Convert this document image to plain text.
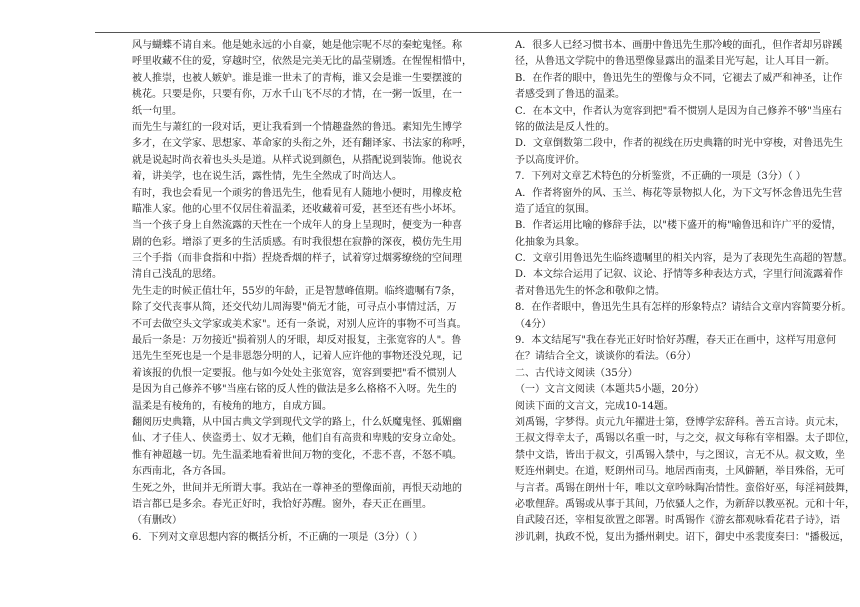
风与蝴蝶不请自来。他是她永远的小自豪，她是他宗呢不尽的秦蛇鬼怪。称
呼里收藏不住的爱，穿越时空，依然是完美无比的晶莹剔透。在惺惺相惜中，
被人推崇，也被人嫉妒。谁是谁一世未了的青梅，谁又会是谁一生要摆渡的
桃花。只要是你，只要有你，万水千山飞不尽的才情，在一粥一饭里，在一
纸一句里。
而先生与萧红的一段对话，更让我看到一个情趣盎然的鲁迅。素知先生博学
多才，在文学家、思想家、革命家的头衔之外，还有翻译家、书法家的称呼，
就是说起时尚衣着也头头是道。从样式说到颜色，从搭配说到装饰。他说衣
着，讲美学，也在说生活，露性情，先生全然成了时尚达人。
有时，我也会看见一个顽劣的鲁迅先生，他看见有人随地小便时，用橡皮枪
瞄准人家。他的心里不仅居住着温柔，还收藏着可爱，甚至还有些小坏坏。
当一个孩子身上自然流露的天性在一个成年人的身上呈现时，便变为一种喜
剧的色彩。增添了更多的生活质感。有时我很想在寂静的深夜，模仿先生用
三个手指（而非食指和中指）捏烧香烟的样子，试着穿过烟雾缭绕的空间理
清自己浅乱的思绪。
先生走的时候正值壮年，55岁的年龄，正是智慧峰值期。临终遗嘱有7条，
除了交代丧事从简，还交代幼儿周海婴"倘无才能，可寻点小事情过活，万
不可去做空头文学家或美术家"。还有一条说，对别人应许的事物不可当真。
最后一条是：万勿接近"损着别人的牙眼，却反对报复，主张宽容的人"。鲁
迅先生至死也是一个是非恩怨分明的人，记着人应许他的事物还没兑现，记
着该报的仇恨一定要报。他与如今处处主张宽容，宽容到要把"看不惯别人
是因为自己修养不够"当座右铭的反人性的做法是多么格格不入呀。先生的
温柔是有棱角的，有棱角的地方，自成方圆。
翻阅历史典籍，从中国古典文学到现代文学的路上，什么妖魔鬼怪、狐媚幽
仙、才子佳人、侠盗勇士、奴才无赖，他们自有高贵和卑贱的安身立命处。
惟有神超越一切。先生温柔地看着世间万物的变化，不悲不喜，不怒不嗔。
东西南北，各方各国。
生死之外，世间并无所谓大事。我站在一尊神圣的塑像面前，再恨天动地的
语言都已是多余。春光正好时，我恰好苏醒。窗外，春天正在画里。
（有删改）
6．下列对文章思想内容的概括分析，不正确的一项是（3分）（ ）
A．很多人已经习惯书本、画册中鲁迅先生那冷峻的面孔，但作者却另辟蹊
径，从鲁迅文学院中的鲁迅塑像显露出的温柔目光写起，让人耳目一新。
B．在作者的眼中，鲁迅先生的塑像与众不同，它褪去了威严和神圣，让作
者感受到了鲁迅的温柔。
C．在本文中，作者认为宽容到把"看不惯别人是因为自己修养不够"当座右
铭的做法是反人性的。
D．文章倒数第二段中，作者的视线在历史典籍的时光中穿梭，对鲁迅先生
予以高度评价。
7．下列对文章艺术特色的分析鉴赏，不正确的一项是（3分）（ ）
A．作者将窗外的风、玉兰、梅花等景物拟人化，为下文写怀念鲁迅先生营
造了适宜的氛围。
B．作者运用比喻的修辞手法，以"楼下盛开的梅"喻鲁迅和许广平的爱情，
化抽象为具象。
C．文章引用鲁迅先生临终遗嘱里的相关内容，是为了表现先生高超的智慧。
D．本文综合运用了记叙、议论、抒情等多种表达方式，字里行间流露着作
者对鲁迅先生的怀念和敬仰之情。
8．在作者眼中，鲁迅先生具有怎样的形象特点？请结合文章内容简要分析。
（4分）
9．本文结尾写"我在春光正好时恰好苏醒，春天正在画中，这样写用意何
在？请结合全文，谈谈你的看法。（6分）
二、古代诗文阅读（35分）
（一）文言文阅读（本题共5小题，20分）
阅读下面的文言文，完成10-14题。
刘禹锡，字梦得。贞元九年擢进士第，登博学宏辞科。善五言诗。贞元末，
王叔文得幸太子，禹锡以名重一时，与之交，叔文每称有宰相器。太子即位，
禁中文诰，皆出于叔文，引禹锡入禁中，与之图议，言无不从。叔文败，坐
贬连州刺史。在道，贬朗州司马。地居西南夷，土风僻陋，举目殊俗，无可
与言者。禹锡在朗州十年，唯以文章吟咏陶冶情性。蛮俗好巫，每淫祠鼓舞，
必歌俚辞。禹锡或从事于其间，乃依骚人之作，为新辞以教巫祝。元和十年，
自武陵召还，宰相复欲置之郎署。时禹锡作《游玄都观咏看花君子诗》，语
涉讥刺，执政不悦，复出为播州刺史。诏下，御史中丞裴度奏曰："播极远，
